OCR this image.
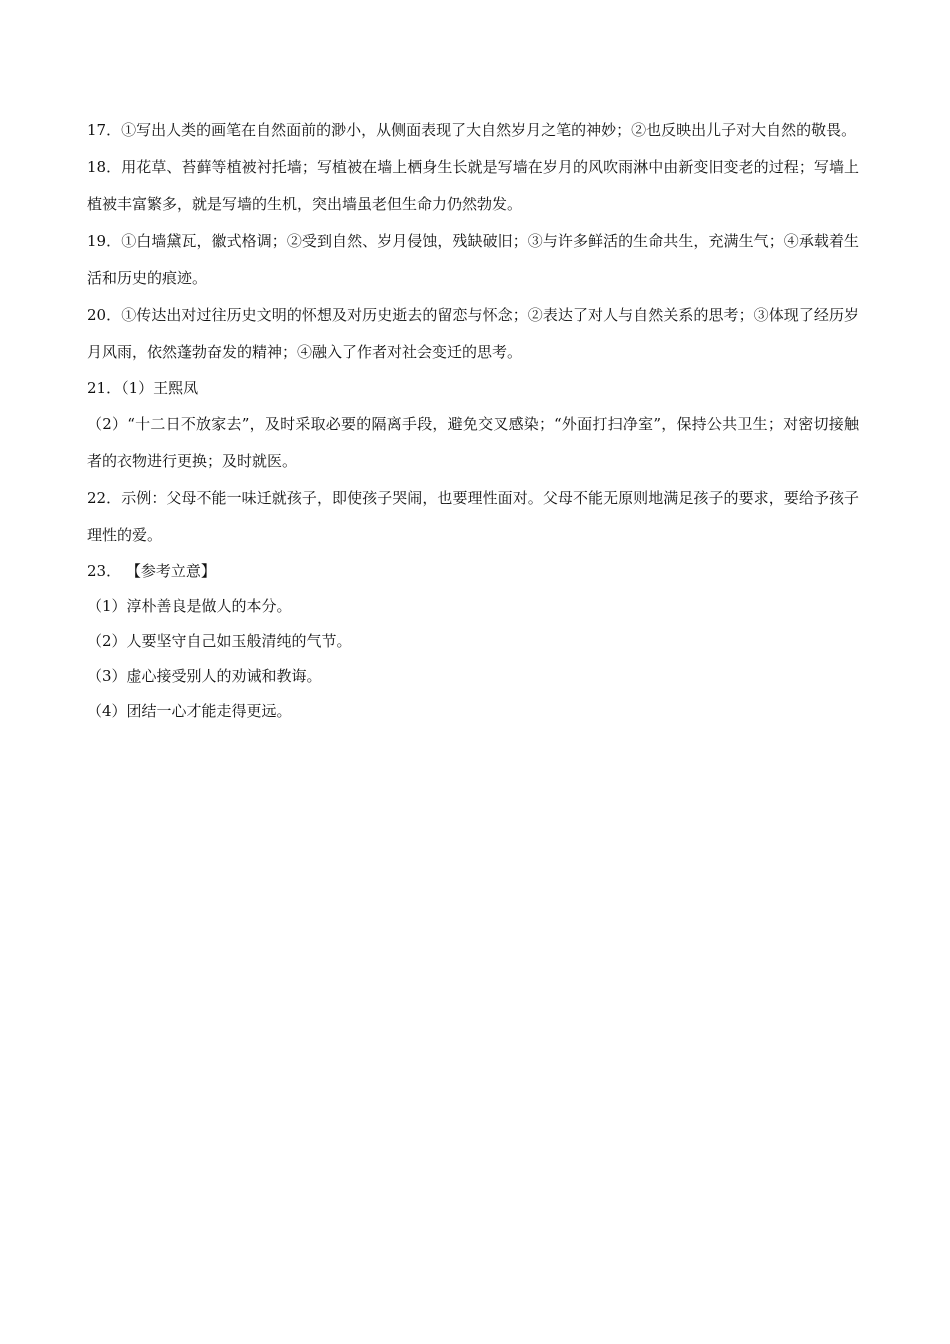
17．①写出人类的画笔在自然面前的渺小，从侧面表现了大自然岁月之笔的神妙；②也反映出儿子对大自然的敬畏。

18．用花草、苔藓等植被衬托墙；写植被在墙上栖身生长就是写墙在岁月的风吹雨淋中由新变旧变老的过程；写墙上植被丰富繁多，就是写墙的生机，突出墙虽老但生命力仍然勃发。

19．①白墙黛瓦，徽式格调；②受到自然、岁月侵蚀，残缺破旧；③与许多鲜活的生命共生，充满生气；④承载着生活和历史的痕迹。

20．①传达出对过往历史文明的怀想及对历史逝去的留恋与怀念；②表达了对人与自然关系的思考；③体现了经历岁月风雨，依然蓬勃奋发的精神；④融入了作者对社会变迁的思考。

21．（1）王熙凤

（2）“十二日不放家去”，及时采取必要的隔离手段，避免交叉感染；“外面打扫净室”，保持公共卫生；对密切接触者的衣物进行更换；及时就医。

22．示例：父母不能一味迁就孩子，即使孩子哭闹，也要理性面对。父母不能无原则地满足孩子的要求，要给予孩子理性的爱。

23． 【参考立意】

（1）淳朴善良是做人的本分。

（2）人要坚守自己如玉般清纯的气节。

（3）虚心接受别人的劝诫和教诲。

（4）团结一心才能走得更远。
